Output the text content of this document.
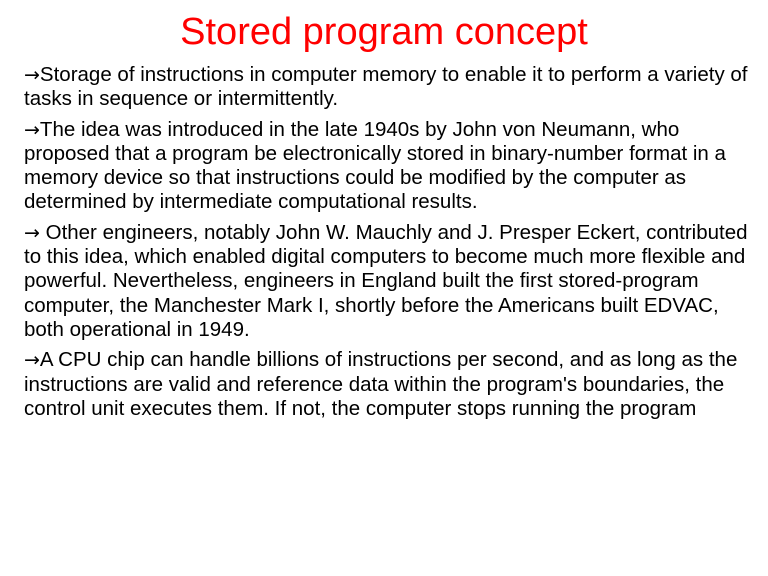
Stored program concept
→Storage of instructions in computer memory to enable it to perform a variety of tasks in sequence or intermittently.
→The idea was introduced in the late 1940s by John von Neumann, who proposed that a program be electronically stored in binary-number format in a memory device so that instructions could be modified by the computer as determined by intermediate computational results.
→ Other engineers, notably John W. Mauchly and J. Presper Eckert, contributed to this idea, which enabled digital computers to become much more flexible and powerful. Nevertheless, engineers in England built the first stored-program computer, the Manchester Mark I, shortly before the Americans built EDVAC, both operational in 1949.
→A CPU chip can handle billions of instructions per second, and as long as the instructions are valid and reference data within the program's boundaries, the control unit executes them. If not, the computer stops running the program
